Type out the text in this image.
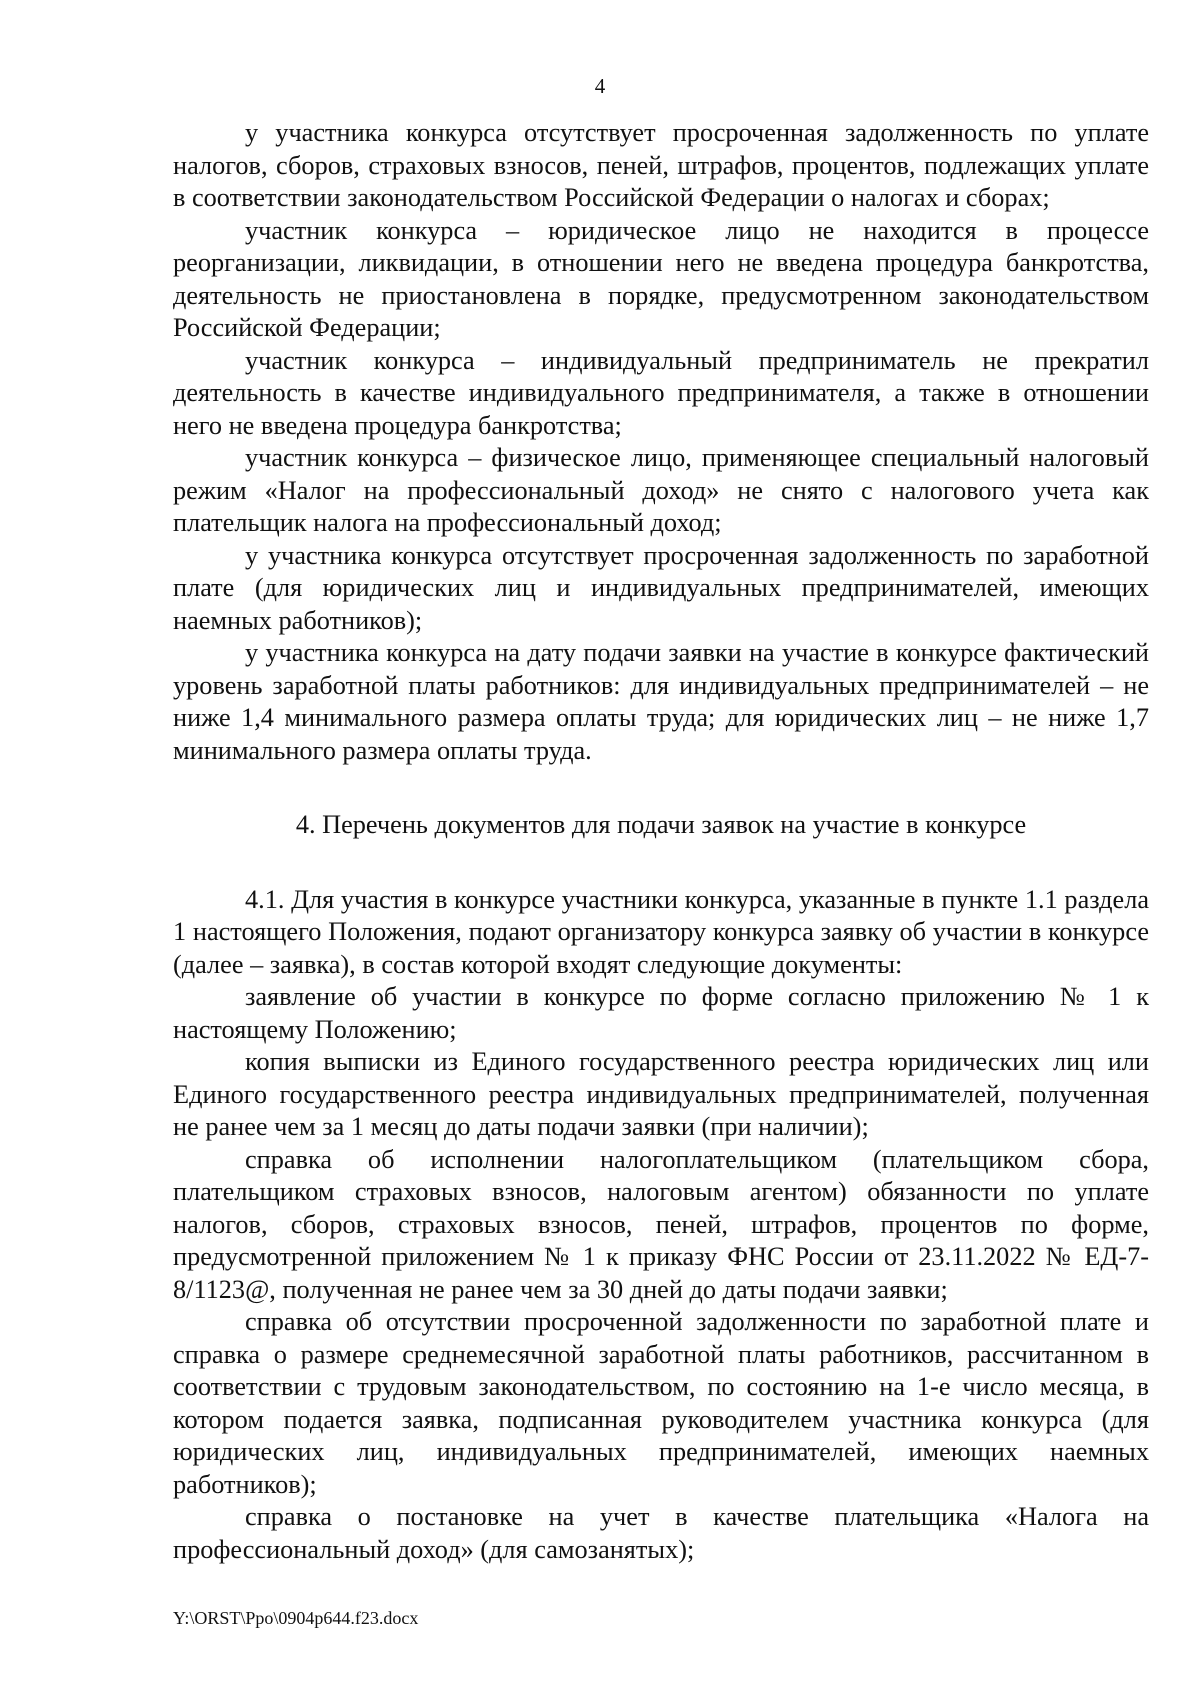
4

у участника конкурса отсутствует просроченная задолженность по уплате налогов, сборов, страховых взносов, пеней, штрафов, процентов, подлежащих уплате в соответствии законодательством Российской Федерации о налогах и сборах;

участник конкурса – юридическое лицо не находится в процессе реорганизации, ликвидации, в отношении него не введена процедура банкротства, деятельность не приостановлена в порядке, предусмотренном законодательством Российской Федерации;

участник конкурса – индивидуальный предприниматель не прекратил деятельность в качестве индивидуального предпринимателя, а также в отношении него не введена процедура банкротства;

участник конкурса – физическое лицо, применяющее специальный налоговый режим «Налог на профессиональный доход» не снято с налогового учета как плательщик налога на профессиональный доход;

у участника конкурса отсутствует просроченная задолженность по заработной плате (для юридических лиц и индивидуальных предпринимателей, имеющих наемных работников);

у участника конкурса на дату подачи заявки на участие в конкурсе фактический уровень заработной платы работников: для индивидуальных предпринимателей – не ниже 1,4 минимального размера оплаты труда; для юридических лиц – не ниже 1,7 минимального размера оплаты труда.

4. Перечень документов для подачи заявок на участие в конкурсе

4.1. Для участия в конкурсе участники конкурса, указанные в пункте 1.1 раздела 1 настоящего Положения, подают организатору конкурса заявку об участии в конкурсе (далее – заявка), в состав которой входят следующие документы:

заявление об участии в конкурсе по форме согласно приложению № 1 к настоящему Положению;

копия выписки из Единого государственного реестра юридических лиц или Единого государственного реестра индивидуальных предпринимателей, полученная не ранее чем за 1 месяц до даты подачи заявки (при наличии);

справка об исполнении налогоплательщиком (плательщиком сбора, плательщиком страховых взносов, налоговым агентом) обязанности по уплате налогов, сборов, страховых взносов, пеней, штрафов, процентов по форме, предусмотренной приложением № 1 к приказу ФНС России от 23.11.2022 № ЕД-7-8/1123@, полученная не ранее чем за 30 дней до даты подачи заявки;

справка об отсутствии просроченной задолженности по заработной плате и справка о размере среднемесячной заработной платы работников, рассчитанном в соответствии с трудовым законодательством, по состоянию на 1-е число месяца, в котором подается заявка, подписанная руководителем участника конкурса (для юридических лиц, индивидуальных предпринимателей, имеющих наемных работников);

справка о постановке на учет в качестве плательщика «Налога на профессиональный доход» (для самозанятых);

Y:\ORST\Ppo\0904p644.f23.docx
